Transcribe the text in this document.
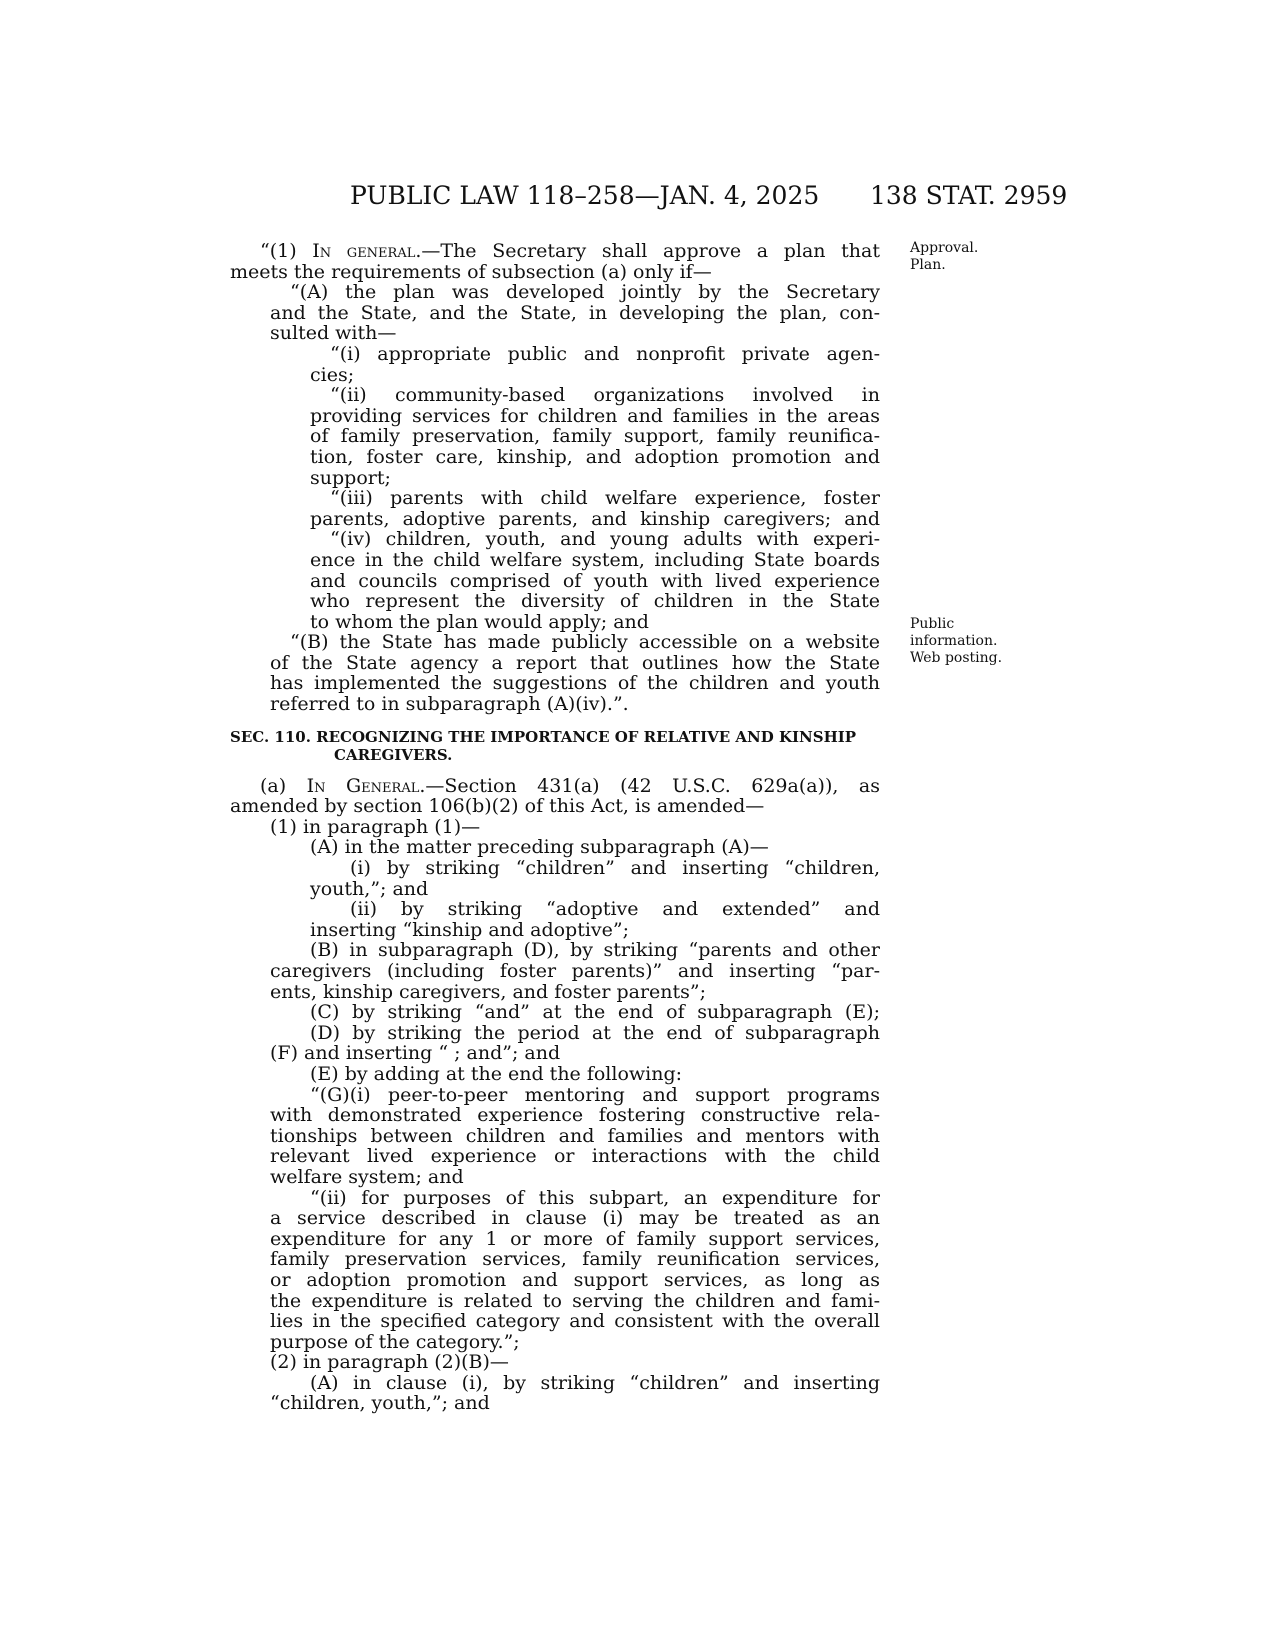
PUBLIC LAW 118–258—JAN. 4, 2025 138 STAT. 2959
Approval.
Plan.
Public
information.
Web posting.
“(1) In general.—The Secretary shall approve a plan that
meets the requirements of subsection (a) only if—
“(A) the plan was developed jointly by the Secretary
and the State, and the State, in developing the plan, con-
sulted with—
“(i) appropriate public and nonprofit private agen-
cies;
“(ii) community-based organizations involved in
providing services for children and families in the areas
of family preservation, family support, family reunifica-
tion, foster care, kinship, and adoption promotion and
support;
“(iii) parents with child welfare experience, foster
parents, adoptive parents, and kinship caregivers; and
“(iv) children, youth, and young adults with experi-
ence in the child welfare system, including State boards
and councils comprised of youth with lived experience
who represent the diversity of children in the State
to whom the plan would apply; and
“(B) the State has made publicly accessible on a website
of the State agency a report that outlines how the State
has implemented the suggestions of the children and youth
referred to in subparagraph (A)(iv).”.
SEC. 110. RECOGNIZING THE IMPORTANCE OF RELATIVE AND KINSHIP
CAREGIVERS.
(a) In General.—Section 431(a) (42 U.S.C. 629a(a)), as
amended by section 106(b)(2) of this Act, is amended—
(1) in paragraph (1)—
(A) in the matter preceding subparagraph (A)—
(i) by striking “children” and inserting “children,
youth,”; and
(ii) by striking “adoptive and extended” and
inserting “kinship and adoptive”;
(B) in subparagraph (D), by striking “parents and other
caregivers (including foster parents)” and inserting “par-
ents, kinship caregivers, and foster parents”;
(C) by striking “and” at the end of subparagraph (E);
(D) by striking the period at the end of subparagraph
(F) and inserting “ ; and”; and
(E) by adding at the end the following:
“(G)(i) peer-to-peer mentoring and support programs
with demonstrated experience fostering constructive rela-
tionships between children and families and mentors with
relevant lived experience or interactions with the child
welfare system; and
“(ii) for purposes of this subpart, an expenditure for
a service described in clause (i) may be treated as an
expenditure for any 1 or more of family support services,
family preservation services, family reunification services,
or adoption promotion and support services, as long as
the expenditure is related to serving the children and fami-
lies in the specified category and consistent with the overall
purpose of the category.”;
(2) in paragraph (2)(B)—
(A) in clause (i), by striking “children” and inserting
“children, youth,”; and
